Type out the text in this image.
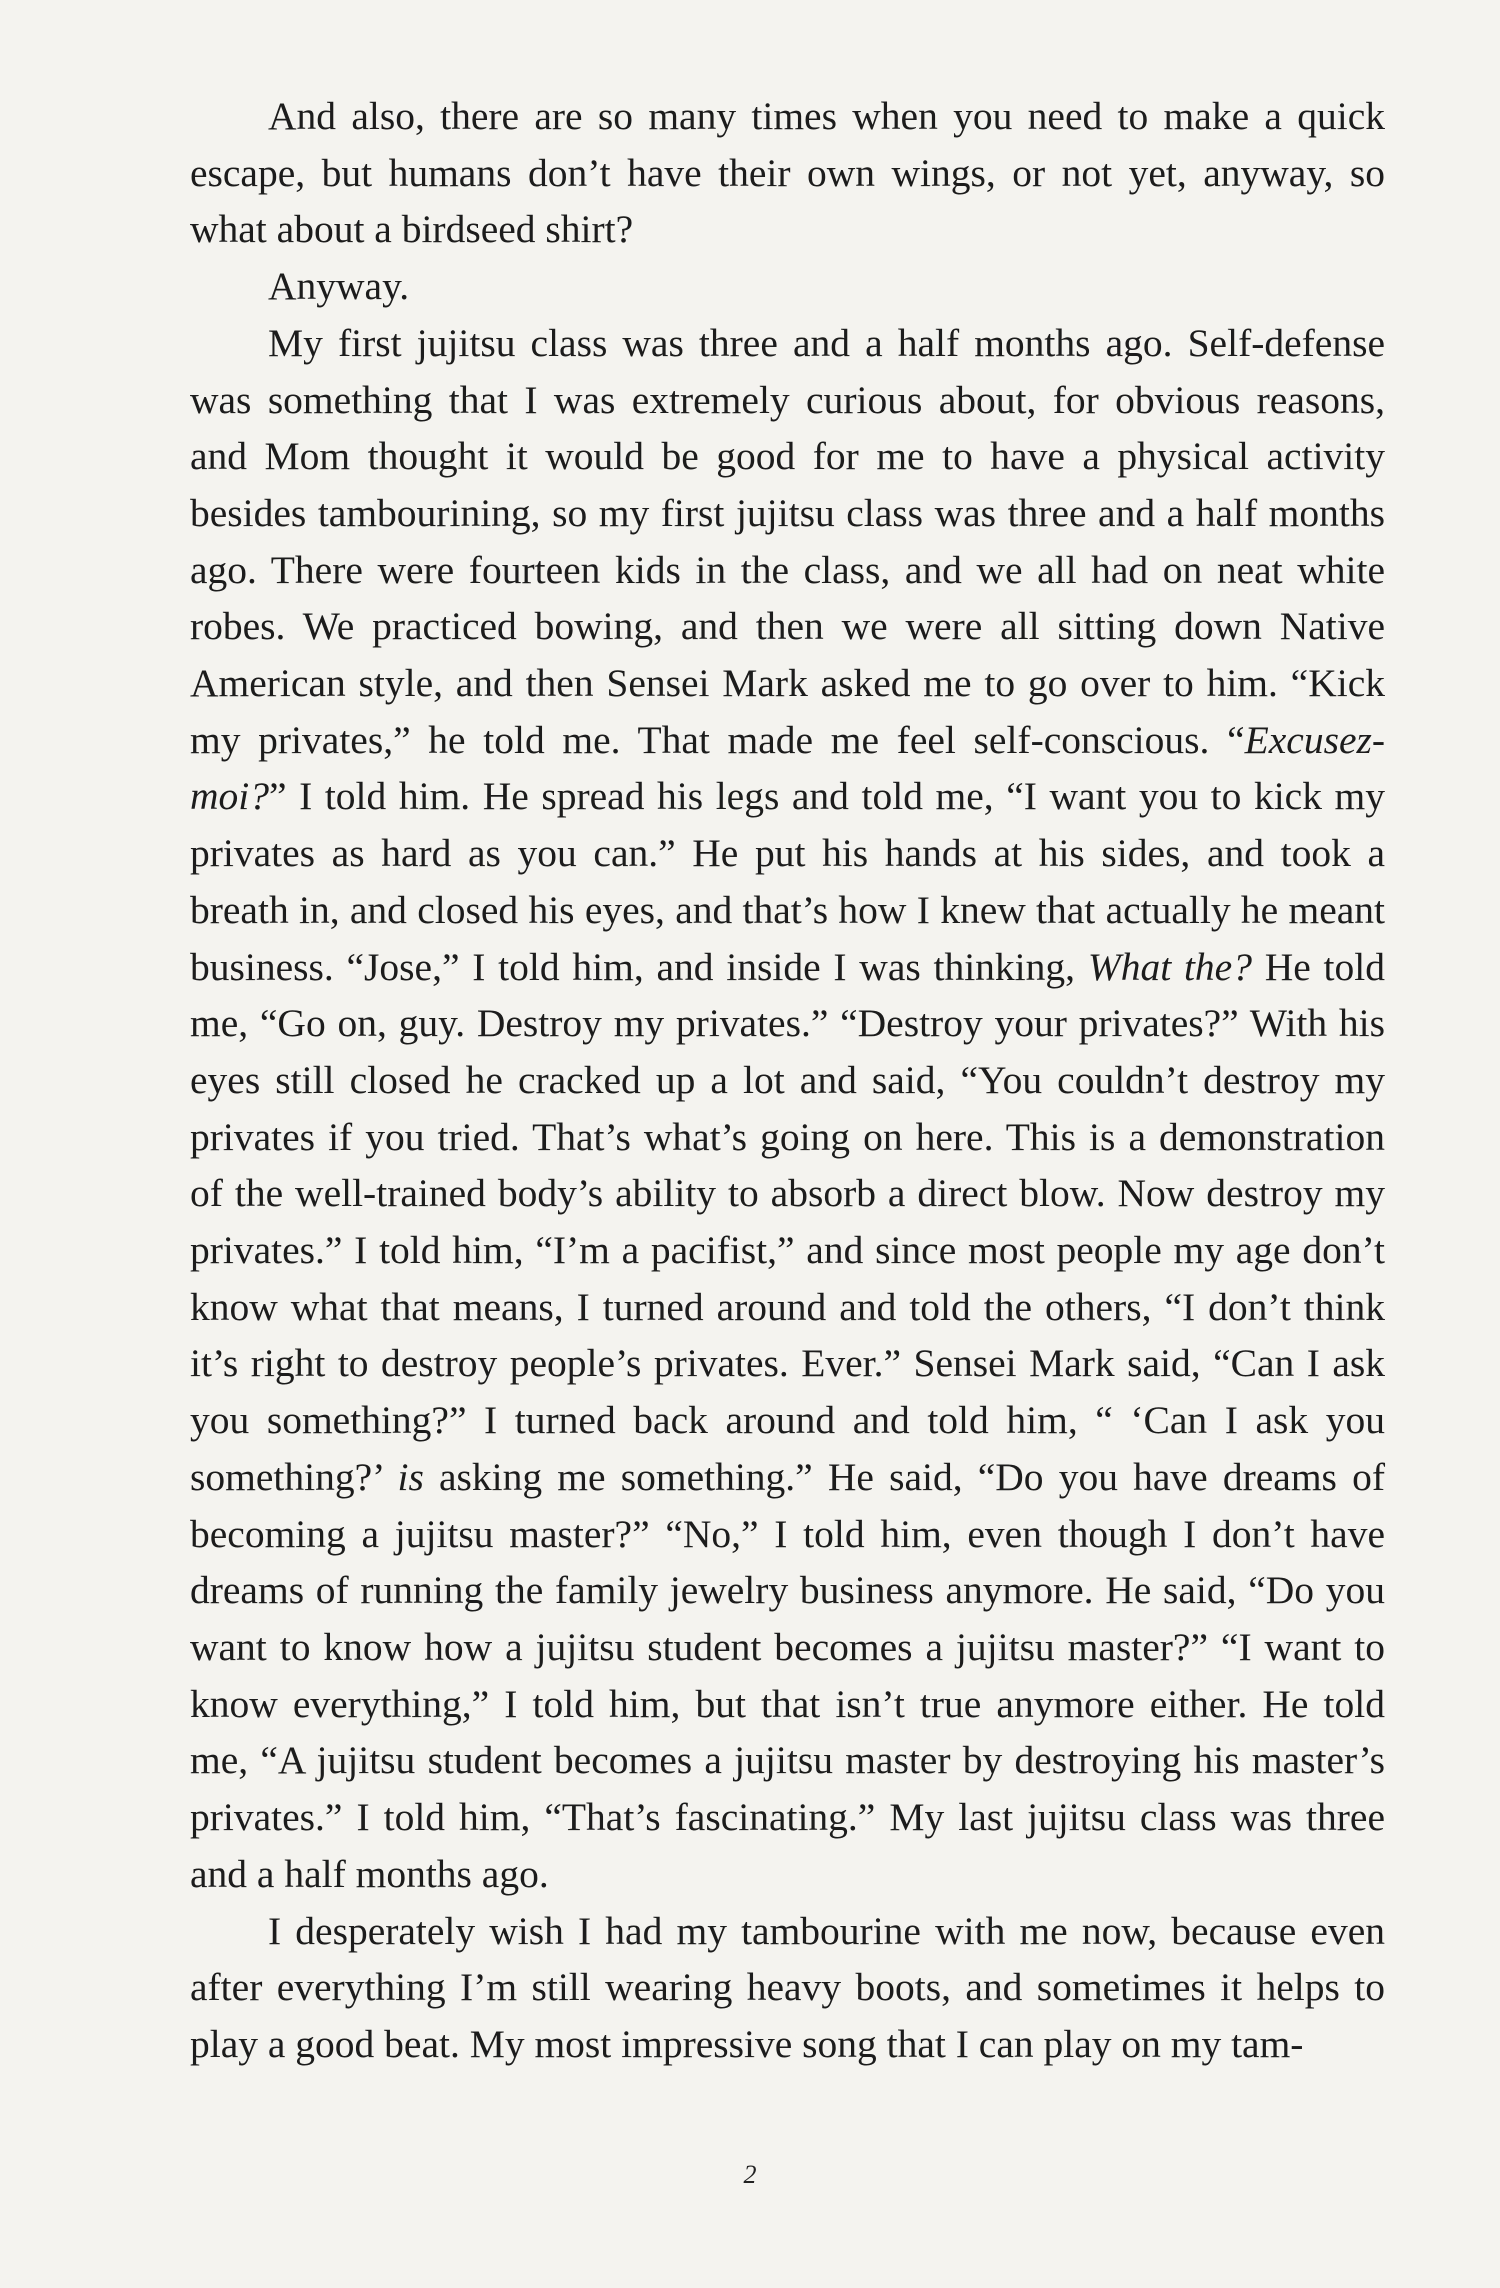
And also, there are so many times when you need to make a quick escape, but humans don’t have their own wings, or not yet, anyway, so what about a birdseed shirt?

Anyway.

My first jujitsu class was three and a half months ago. Self-defense was something that I was extremely curious about, for obvious reasons, and Mom thought it would be good for me to have a physical activity besides tambourining, so my first jujitsu class was three and a half months ago. There were fourteen kids in the class, and we all had on neat white robes. We practiced bowing, and then we were all sitting down Native American style, and then Sensei Mark asked me to go over to him. “Kick my privates,” he told me. That made me feel self-conscious. “Excusez-moi?” I told him. He spread his legs and told me, “I want you to kick my privates as hard as you can.” He put his hands at his sides, and took a breath in, and closed his eyes, and that’s how I knew that actually he meant business. “Jose,” I told him, and inside I was thinking, What the? He told me, “Go on, guy. Destroy my privates.” “Destroy your privates?” With his eyes still closed he cracked up a lot and said, “You couldn’t destroy my privates if you tried. That’s what’s going on here. This is a demonstration of the well-trained body’s ability to absorb a direct blow. Now destroy my privates.” I told him, “I’m a pacifist,” and since most people my age don’t know what that means, I turned around and told the others, “I don’t think it’s right to destroy people’s privates. Ever.” Sensei Mark said, “Can I ask you something?” I turned back around and told him, “ ‘Can I ask you something?’ is asking me something.” He said, “Do you have dreams of becoming a jujitsu master?” “No,” I told him, even though I don’t have dreams of running the family jewelry business anymore. He said, “Do you want to know how a jujitsu student becomes a jujitsu master?” “I want to know everything,” I told him, but that isn’t true anymore either. He told me, “A jujitsu student becomes a jujitsu master by destroying his master’s privates.” I told him, “That’s fascinating.” My last jujitsu class was three and a half months ago.

I desperately wish I had my tambourine with me now, because even after everything I’m still wearing heavy boots, and sometimes it helps to play a good beat. My most impressive song that I can play on my tam-

2
